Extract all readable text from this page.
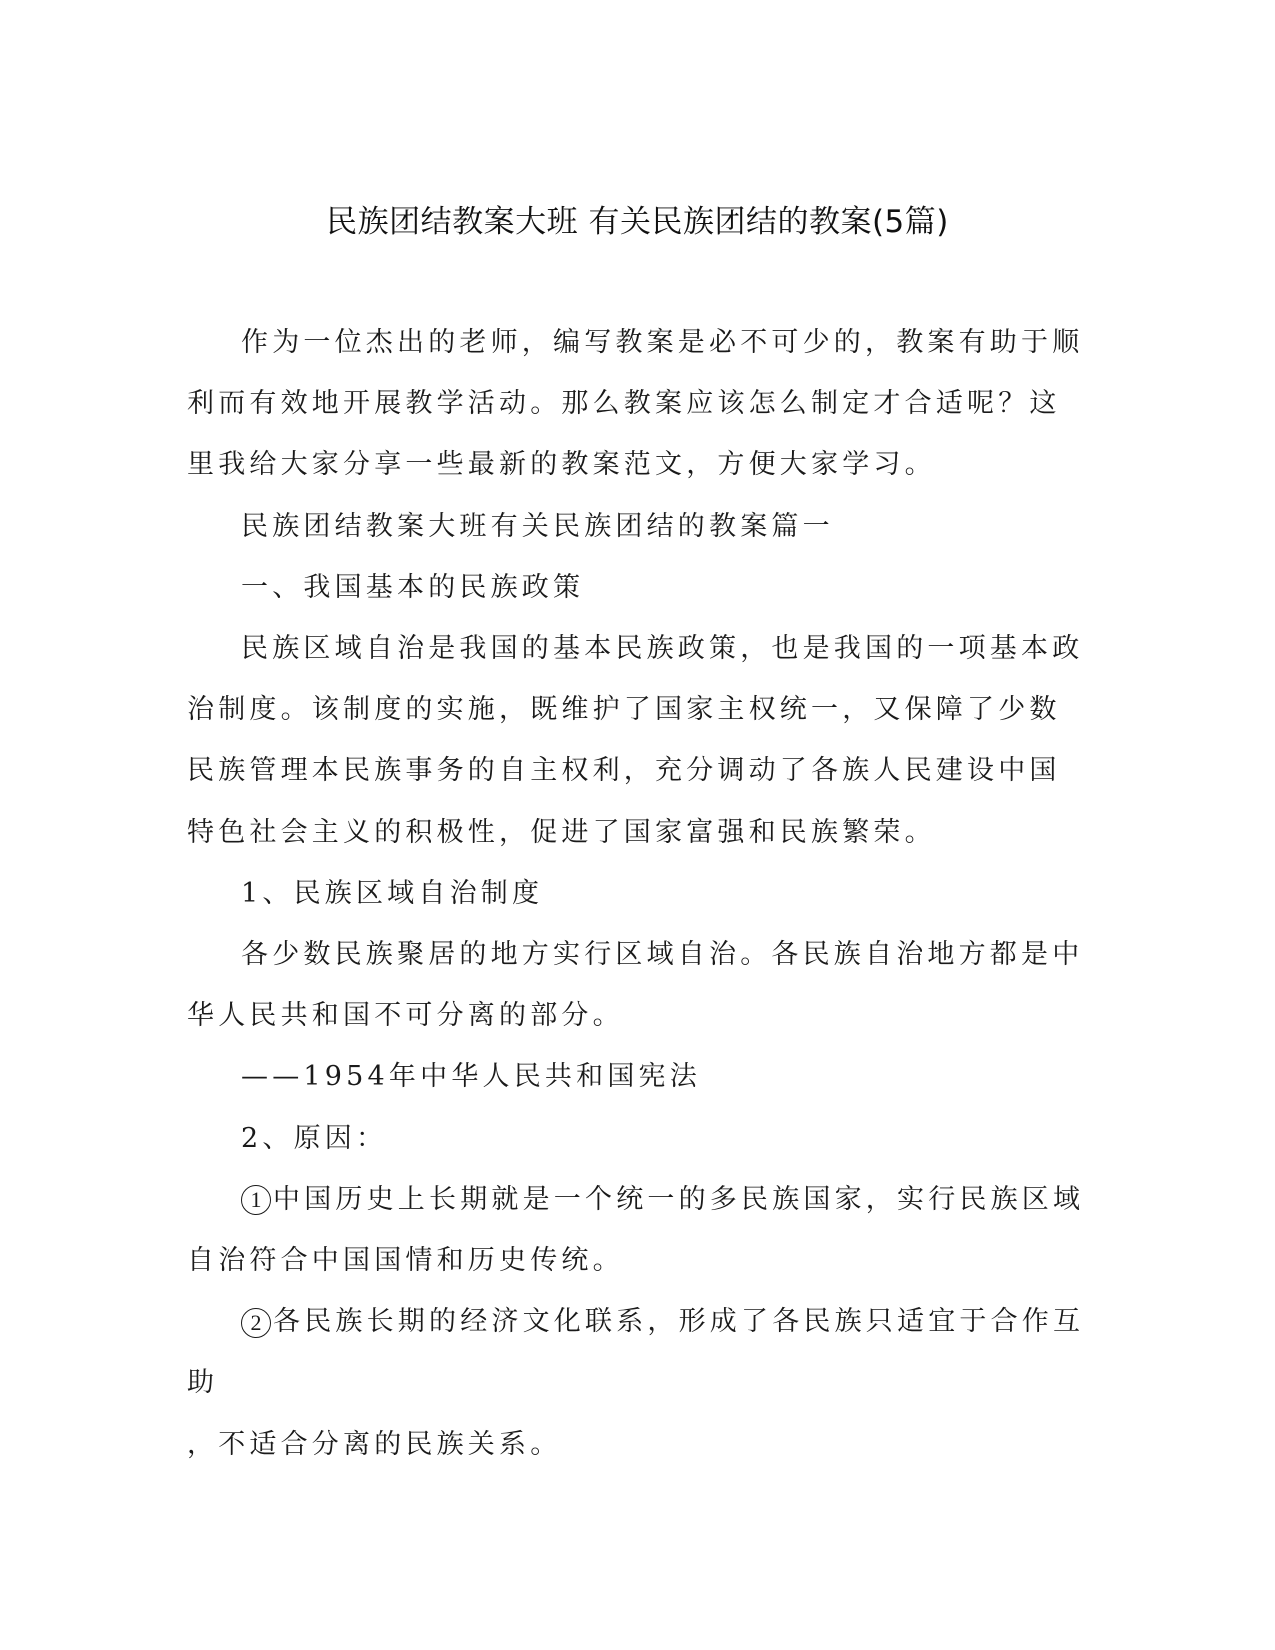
民族团结教案大班 有关民族团结的教案(5篇)

作为一位杰出的老师，编写教案是必不可少的，教案有助于顺利而有效地开展教学活动。那么教案应该怎么制定才合适呢？这里我给大家分享一些最新的教案范文，方便大家学习。

民族团结教案大班有关民族团结的教案篇一

一、我国基本的民族政策

民族区域自治是我国的基本民族政策，也是我国的一项基本政治制度。该制度的实施，既维护了国家主权统一，又保障了少数民族管理本民族事务的自主权利，充分调动了各族人民建设中国特色社会主义的积极性，促进了国家富强和民族繁荣。

1、民族区域自治制度

各少数民族聚居的地方实行区域自治。各民族自治地方都是中华人民共和国不可分离的部分。

——1954年中华人民共和国宪法

2、原因：

1 中国历史上长期就是一个统一的多民族国家，实行民族区域自治符合中国国情和历史传统。

2 各民族长期的经济文化联系，形成了各民族只适宜于合作互助

，不适合分离的民族关系。
